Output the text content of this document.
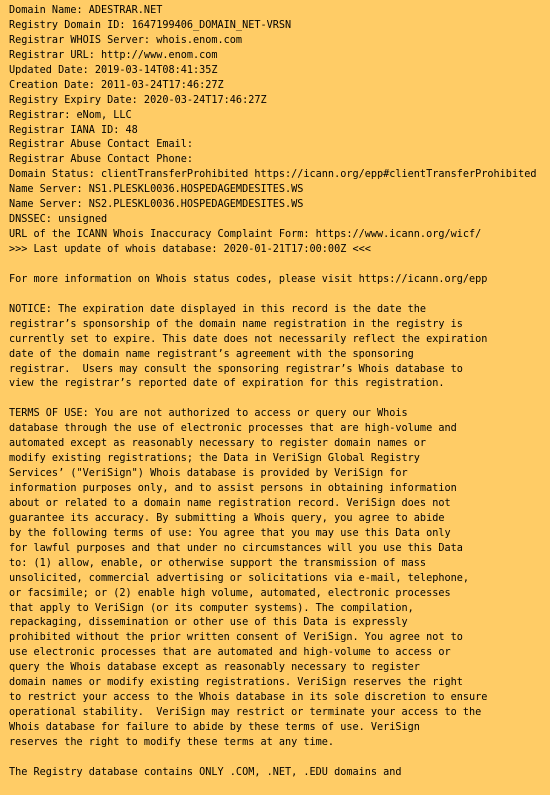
Domain Name: ADESTRAR.NET
Registry Domain ID: 1647199406_DOMAIN_NET-VRSN
Registrar WHOIS Server: whois.enom.com
Registrar URL: http://www.enom.com
Updated Date: 2019-03-14T08:41:35Z
Creation Date: 2011-03-24T17:46:27Z
Registry Expiry Date: 2020-03-24T17:46:27Z
Registrar: eNom, LLC
Registrar IANA ID: 48
Registrar Abuse Contact Email:
Registrar Abuse Contact Phone:
Domain Status: clientTransferProhibited https://icann.org/epp#clientTransferProhibited
Name Server: NS1.PLESKL0036.HOSPEDAGEMDESITES.WS
Name Server: NS2.PLESKL0036.HOSPEDAGEMDESITES.WS
DNSSEC: unsigned
URL of the ICANN Whois Inaccuracy Complaint Form: https://www.icann.org/wicf/
>>> Last update of whois database: 2020-01-21T17:00:00Z <<<
For more information on Whois status codes, please visit https://icann.org/epp
NOTICE: The expiration date displayed in this record is the date the
registrar’s sponsorship of the domain name registration in the registry is
currently set to expire. This date does not necessarily reflect the expiration
date of the domain name registrant’s agreement with the sponsoring
registrar.  Users may consult the sponsoring registrar’s Whois database to
view the registrar’s reported date of expiration for this registration.
TERMS OF USE: You are not authorized to access or query our Whois
database through the use of electronic processes that are high-volume and
automated except as reasonably necessary to register domain names or
modify existing registrations; the Data in VeriSign Global Registry
Services’ ("VeriSign") Whois database is provided by VeriSign for
information purposes only, and to assist persons in obtaining information
about or related to a domain name registration record. VeriSign does not
guarantee its accuracy. By submitting a Whois query, you agree to abide
by the following terms of use: You agree that you may use this Data only
for lawful purposes and that under no circumstances will you use this Data
to: (1) allow, enable, or otherwise support the transmission of mass
unsolicited, commercial advertising or solicitations via e-mail, telephone,
or facsimile; or (2) enable high volume, automated, electronic processes
that apply to VeriSign (or its computer systems). The compilation,
repackaging, dissemination or other use of this Data is expressly
prohibited without the prior written consent of VeriSign. You agree not to
use electronic processes that are automated and high-volume to access or
query the Whois database except as reasonably necessary to register
domain names or modify existing registrations. VeriSign reserves the right
to restrict your access to the Whois database in its sole discretion to ensure
operational stability.  VeriSign may restrict or terminate your access to the
Whois database for failure to abide by these terms of use. VeriSign
reserves the right to modify these terms at any time.
The Registry database contains ONLY .COM, .NET, .EDU domains and
